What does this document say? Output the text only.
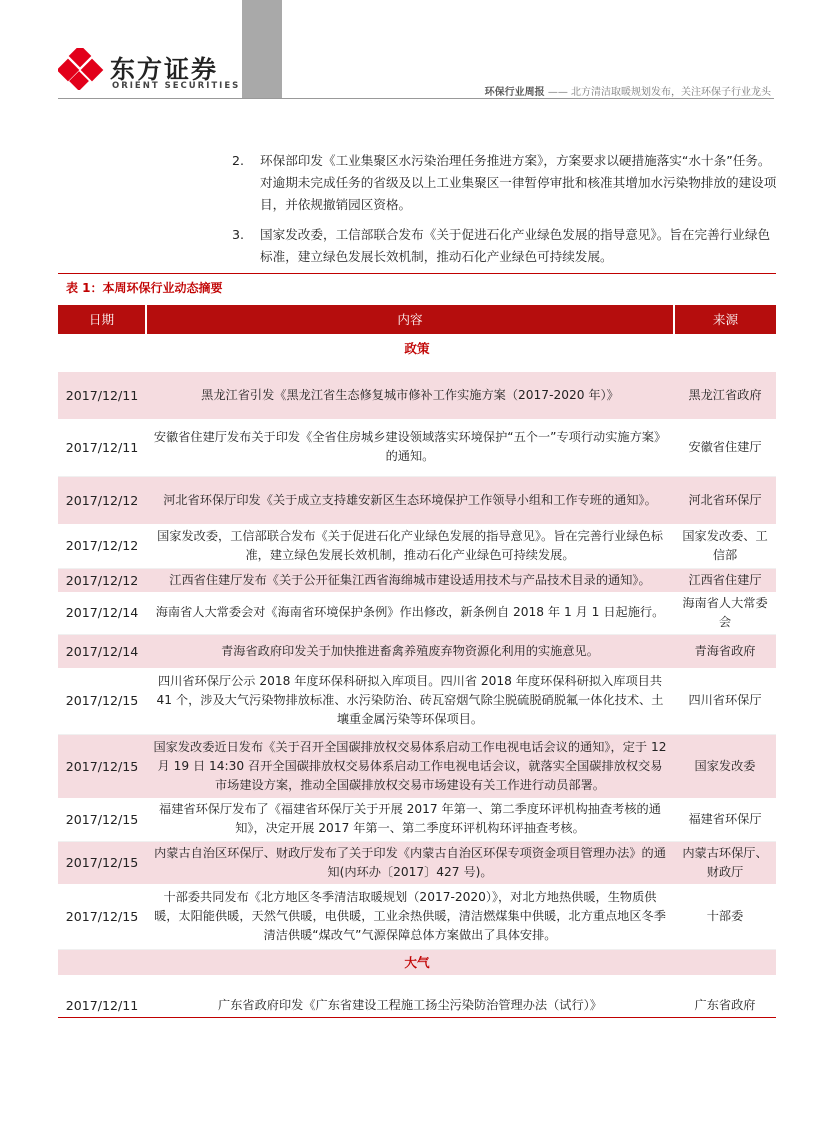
东方证券
ORIENT SECURITIES
环保行业周报 —— 北方清洁取暖规划发布，关注环保子行业龙头
2.	环保部印发《工业集聚区水污染治理任务推进方案》，方案要求以硬措施落实“水十条”任务。对逾期未完成任务的省级及以上工业集聚区一律暂停审批和核准其增加水污染物排放的建设项目，并依规撤销园区资格。
3.	国家发改委，工信部联合发布《关于促进石化产业绿色发展的指导意见》。旨在完善行业绿色标准，建立绿色发展长效机制，推动石化产业绿色可持续发展。
表 1：本周环保行业动态摘要
日期	内容	来源
政策		

2017/12/11	黑龙江省引发《黑龙江省生态修复城市修补工作实施方案（2017-2020 年）》	黑龙江省政府
2017/12/11	安徽省住建厅发布关于印发《全省住房城乡建设领域落实环境保护“五个一”专项行动实施方案》的通知。	安徽省住建厅
2017/12/12	河北省环保厅印发《关于成立支持雄安新区生态环境保护工作领导小组和工作专班的通知》。	河北省环保厅
2017/12/12	国家发改委，工信部联合发布《关于促进石化产业绿色发展的指导意见》。旨在完善行业绿色标准，建立绿色发展长效机制，推动石化产业绿色可持续发展。	国家发改委、工信部
2017/12/12	江西省住建厅发布《关于公开征集江西省海绵城市建设适用技术与产品技术目录的通知》。	江西省住建厅
2017/12/14	海南省人大常委会对《海南省环境保护条例》作出修改，新条例自 2018 年 1 月 1 日起施行。	海南省人大常委会
2017/12/14	青海省政府印发关于加快推进畜禽养殖废弃物资源化利用的实施意见。	青海省政府
2017/12/15	四川省环保厅公示 2018 年度环保科研拟入库项目。四川省 2018 年度环保科研拟入库项目共 41 个，涉及大气污染物排放标准、水污染防治、砖瓦窑烟气除尘脱硫脱硝脱氟一体化技术、土壤重金属污染等环保项目。	四川省环保厅
2017/12/15	国家发改委近日发布《关于召开全国碳排放权交易体系启动工作电视电话会议的通知》，定于 12 月 19 日 14:30 召开全国碳排放权交易体系启动工作电视电话会议，就落实全国碳排放权交易市场建设方案，推动全国碳排放权交易市场建设有关工作进行动员部署。	国家发改委
2017/12/15	福建省环保厅发布了《福建省环保厅关于开展 2017 年第一、第二季度环评机构抽查考核的通知》，决定开展 2017 年第一、第二季度环评机构环评抽查考核。	福建省环保厅
2017/12/15	内蒙古自治区环保厅、财政厅发布了关于印发《内蒙古自治区环保专项资金项目管理办法》的通知(内环办〔2017〕427 号)。	内蒙古环保厅、财政厅
2017/12/15	十部委共同发布《北方地区冬季清洁取暖规划（2017-2020）》，对北方地热供暖，生物质供暖，太阳能供暖，天然气供暖，电供暖，工业余热供暖，清洁燃煤集中供暖，北方重点地区冬季清洁供暖“煤改气”气源保障总体方案做出了具体安排。	十部委
大气		

2017/12/11	广东省政府印发《广东省建设工程施工扬尘污染防治管理办法（试行）》	广东省政府
